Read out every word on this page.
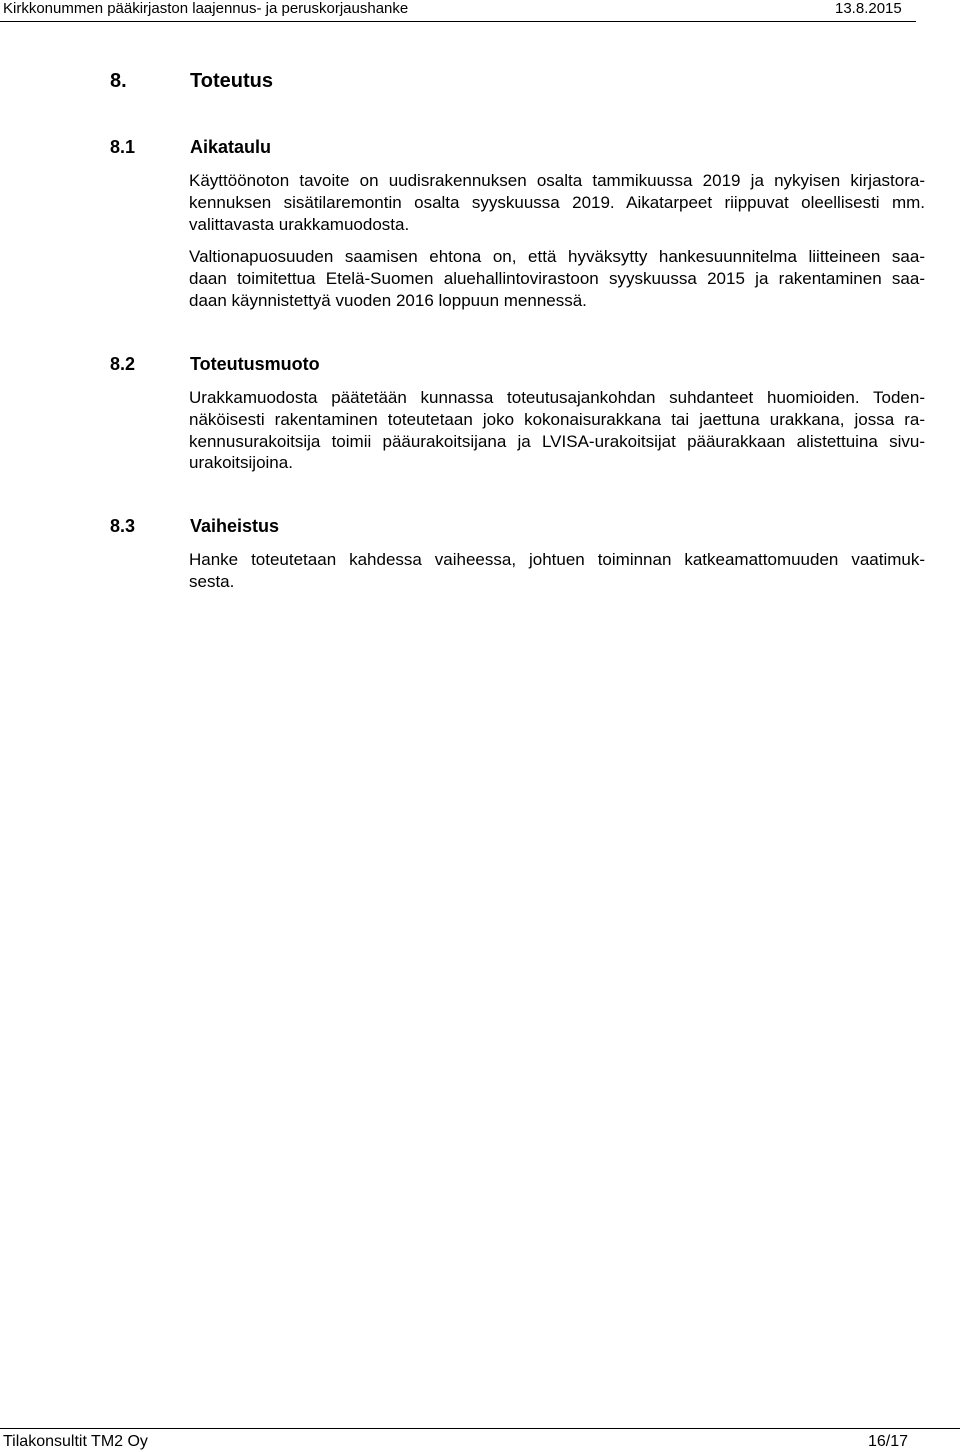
Kirkkonummen pääkirjaston laajennus- ja peruskorjaushanke	13.8.2015
8.	Toteutus
8.1	Aikataulu
Käyttöönoton tavoite on uudisrakennuksen osalta tammikuussa 2019 ja nykyisen kirjastora-
kennuksen sisätilaremontin osalta syyskuussa 2019. Aikatarpeet riippuvat oleellisesti mm.
valittavasta urakkamuodosta.
Valtionapuosuuden saamisen ehtona on, että hyväksytty hankesuunnitelma liitteineen saa-
daan toimitettua Etelä-Suomen aluehallintovirastoon syyskuussa 2015 ja rakentaminen saa-
daan käynnistettyä vuoden 2016 loppuun mennessä.
8.2	Toteutusmuoto
Urakkamuodosta päätetään kunnassa toteutusajankohdan suhdanteet huomioiden. Toden-
näköisesti rakentaminen toteutetaan joko kokonaisurakkana tai jaettuna urakkana, jossa ra-
kennusurakoitsija toimii pääurakoitsijana ja LVISA-urakoitsijat pääurakkaan alistettuina sivu-
urakoitsijoina.
8.3	Vaiheistus
Hanke toteutetaan kahdessa vaiheessa, johtuen toiminnan katkeamattomuuden vaatimuk-
sesta.
Tilakonsultit TM2 Oy	16/17
